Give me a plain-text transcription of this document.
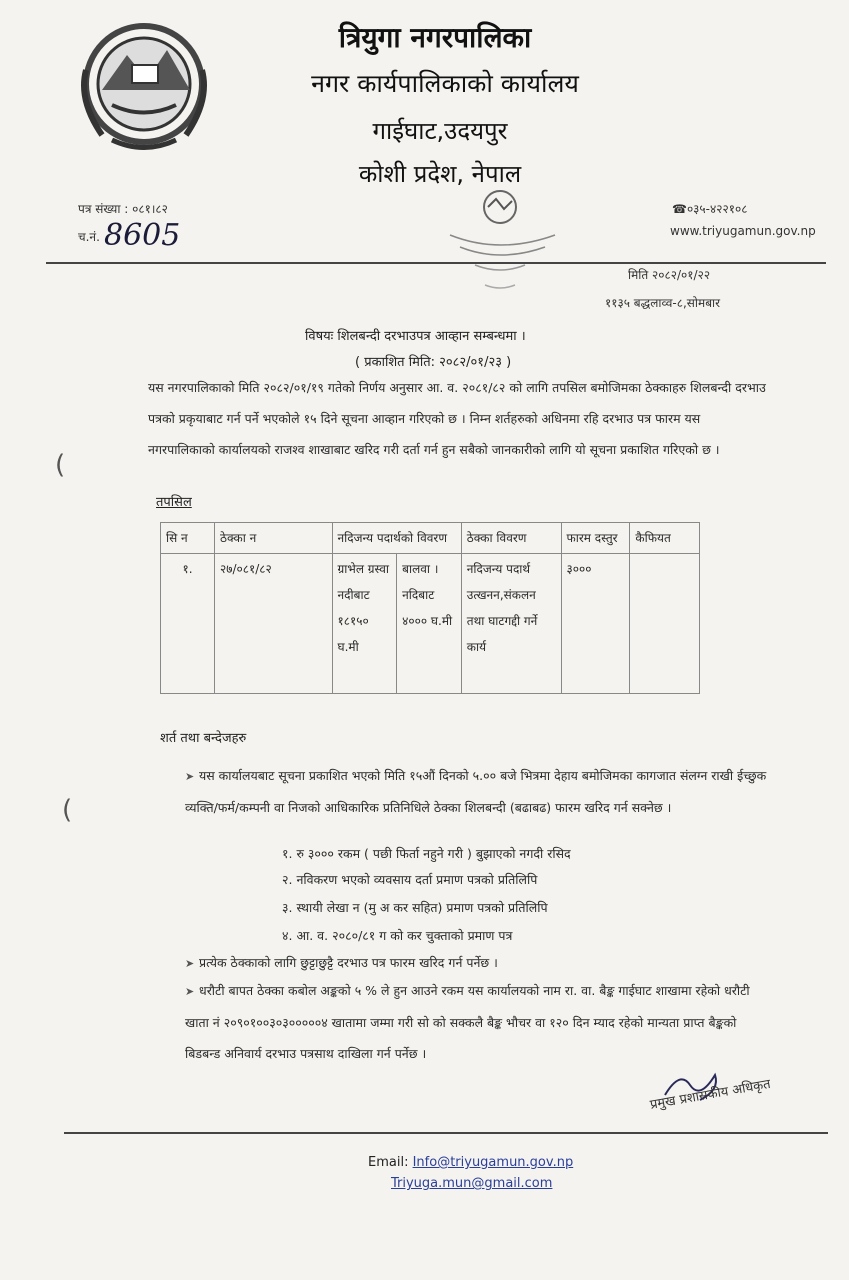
त्रियुगा नगरपालिका
नगर कार्यपालिकाको कार्यालय
गाईघाट,उदयपुर
कोशी प्रदेश, नेपाल
पत्र संख्या : ०८१।८२
च.नं. 8605
☎०३५-४२२१०८
www.triyugamun.gov.np
मिति २०८२/०१/२२
११३५ बद्धलाव्व-८,सोमबार
विषयः शिलबन्दी दरभाउपत्र आव्हान सम्बन्धमा ।
( प्रकाशित मिति: २०८२/०१/२३ )
यस नगरपालिकाको मिति २०८२/०१/१९ गतेको निर्णय अनुसार आ. व. २०८१/८२ को लागि तपसिल बमोजिमका ठेक्काहरु शिलबन्दी दरभाउ पत्रको प्रकृयाबाट गर्न पर्ने भएकोले १५ दिने सूचना आव्हान गरिएको छ । निम्न शर्तहरुको अधिनमा रहि दरभाउ पत्र फारम यस नगरपालिकाको कार्यालयको राजश्व शाखाबाट खरिद गरी दर्ता गर्न हुन सबैको जानकारीको लागि यो सूचना प्रकाशित गरिएको छ ।
(
तपसिल
सि न	ठेक्का न	नदिजन्य पदार्थको विवरण		ठेक्का विवरण	फारम दस्तुर	कैफियत
१.	२७/०८१/८२	ग्राभेल ग्रस्वा नदीबाट १८१५० घ.मी	बालवा । नदिबाट ४००० घ.मी	नदिजन्य पदार्थ उत्खनन,संकलन तथा घाटगद्दी गर्ने कार्य	३०००	
शर्त तथा बन्देजहरु
➤ यस कार्यालयबाट सूचना प्रकाशित भएको मिति १५औं दिनको ५.०० बजे भित्रमा देहाय बमोजिमका कागजात संलग्न राखी ईच्छुक व्यक्ति/फर्म/कम्पनी वा निजको आधिकारिक प्रतिनिधिले ठेक्का शिलबन्दी (बढाबढ) फारम खरिद गर्न सक्नेछ ।
(
१. रु ३००० रकम ( पछी फिर्ता नहुने गरी ) बुझाएको नगदी रसिद
२. नविकरण भएको व्यवसाय दर्ता प्रमाण पत्रको प्रतिलिपि
३. स्थायी लेखा न (मु अ कर सहित) प्रमाण पत्रको प्रतिलिपि
४. आ. व. २०८०/८१ ग को कर चुक्ताको प्रमाण पत्र
➤ प्रत्येक ठेक्काको लागि छुट्टाछुट्टै दरभाउ पत्र फारम खरिद गर्न पर्नेछ ।
➤ धरौटी बापत ठेक्का कबोल अङ्कको ५ % ले हुन आउने रकम यस कार्यालयको नाम रा. वा. बैङ्क गाईघाट शाखामा रहेको धरौटी खाता नं २०९०१००३०३०००००४ खातामा जम्मा गरी सो को सक्कलै बैङ्क भौचर वा १२० दिन म्याद रहेको मान्यता प्राप्त बैङ्कको बिडबन्ड अनिवार्य दरभाउ पत्रसाथ दाखिला गर्न पर्नेछ ।
प्रमुख प्रशासकीय अधिकृत
Email: Info@triyugamun.gov.np
Triyuga.mun@gmail.com
